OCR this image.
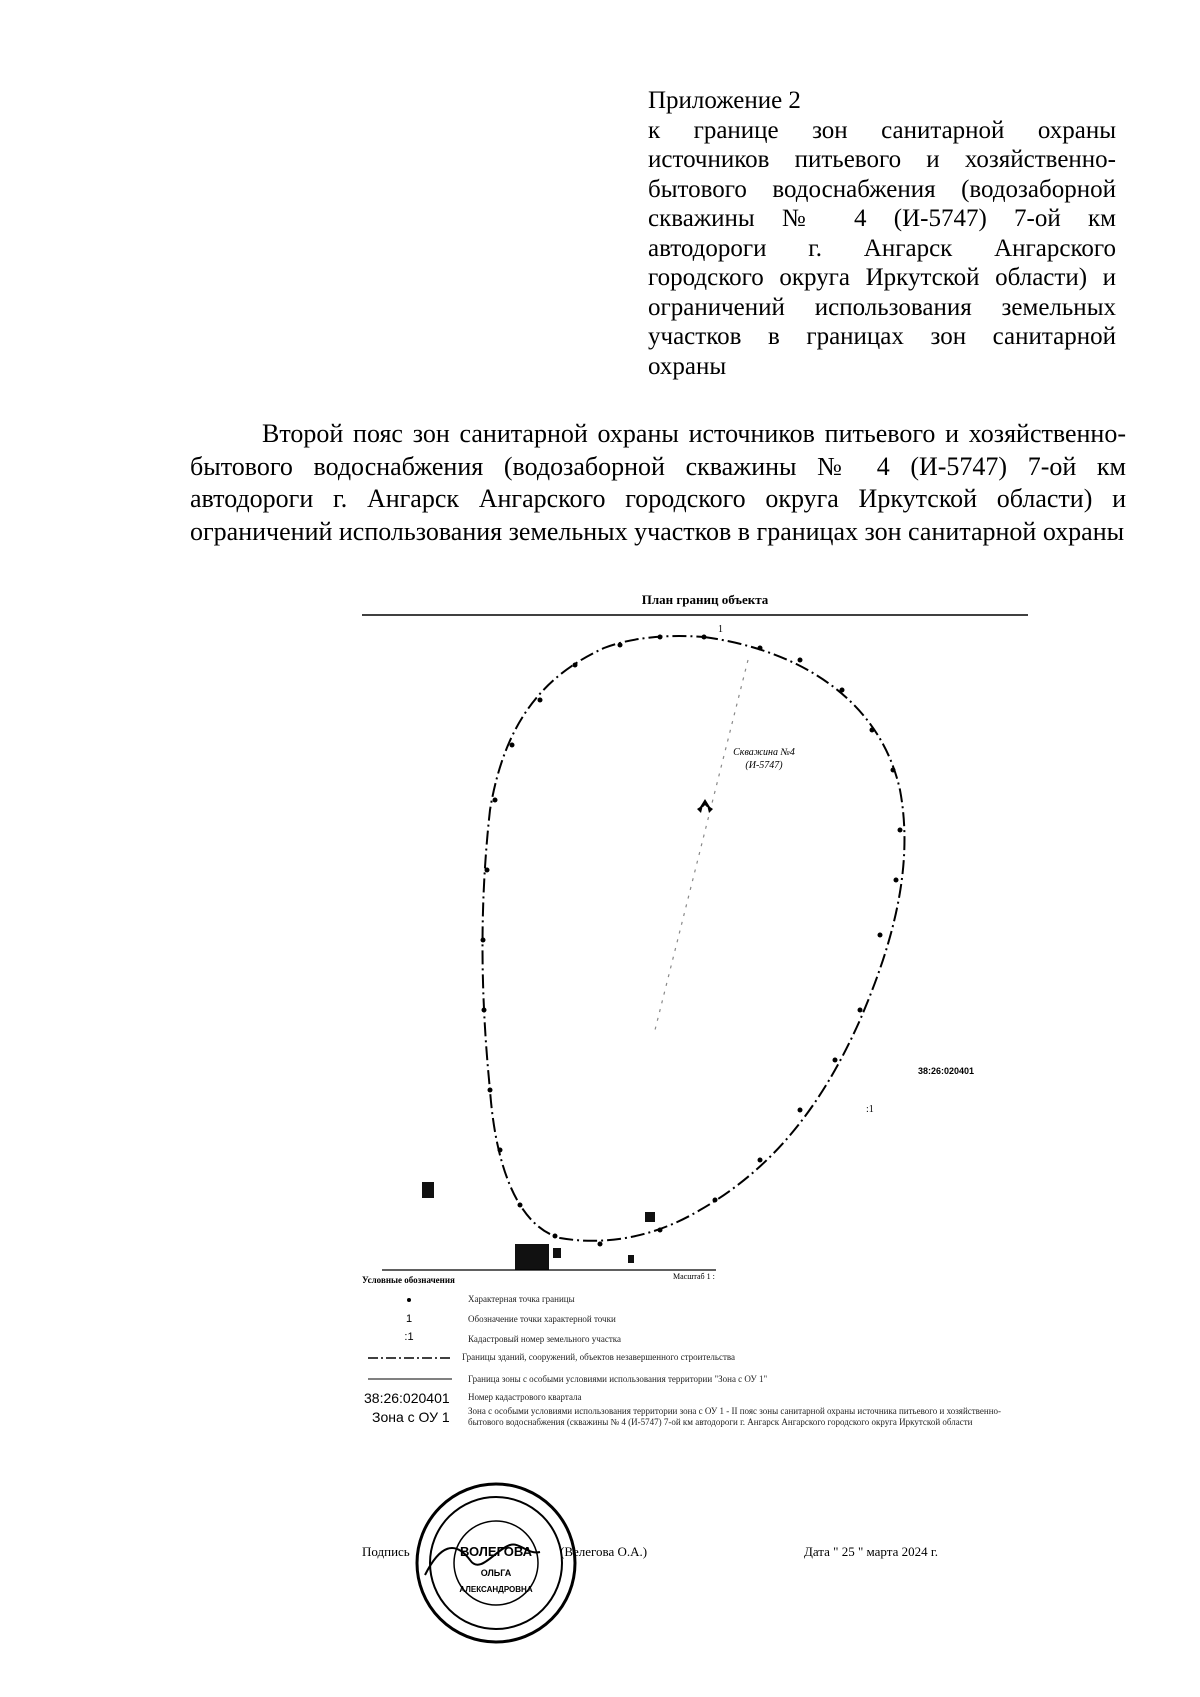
Приложение 2
к границе зон санитарной охраны
источников питьевого и хозяйственно-
бытового водоснабжения (водозаборной
скважины № 4 (И-5747) 7-ой км
автодороги г. Ангарск Ангарского
городского округа Иркутской области) и
ограничений использования земельных
участков в границах зон санитарной
охраны
Второй пояс зон санитарной охраны источников питьевого и хозяйственно-бытового водоснабжения (водозаборной скважины № 4 (И-5747) 7-ой км автодороги г. Ангарск Ангарского городского округа Иркутской области) и ограничений использования земельных участков в границах зон санитарной охраны
План границ объекта
1
Скважина №4
(И-5747)
38:26:020401
:1
Масштаб 1 :
Условные обозначения
1
:1
Характерная точка границы
Обозначение точки характерной точки
Кадастровый номер земельного участка
Границы зданий, сооружений, объектов незавершенного строительства
Граница зоны с особыми условиями использования территории "Зона с ОУ 1"
38:26:020401 Номер кадастрового квартала
Зона с ОУ 1 Зона с особыми условиями использования территории зона с ОУ 1 - II пояс зоны санитарной охраны источника питьевого и хозяйственно-бытового водоснабжения (скважины № 4 (И-5747) 7-ой км автодороги г. Ангарск Ангарского городского округа Иркутской области
Подпись	ВОЛЕГОВА
ОЛЬГА
АЛЕКСАНДРОВНА
(Велегова О.А.)	Дата " 25 " марта 2024 г.
